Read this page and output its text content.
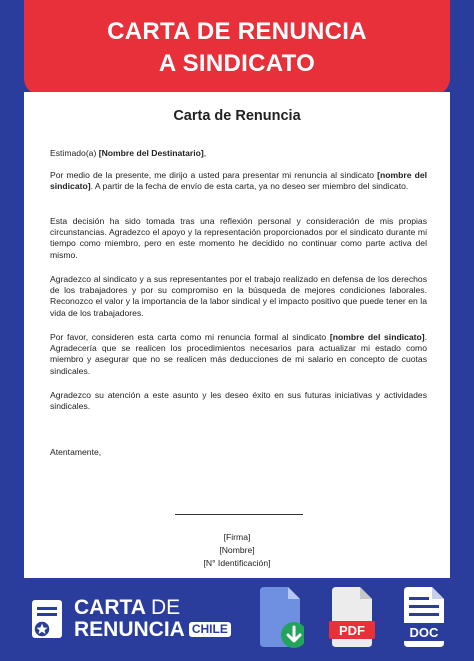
CARTA DE RENUNCIA
A SINDICATO
Carta de Renuncia

Estimado(a) [Nombre del Destinatario],

Por medio de la presente, me dirijo a usted para presentar mi renuncia al sindicato [nombre del sindicato]. A partir de la fecha de envío de esta carta, ya no deseo ser miembro del sindicato.

Esta decisión ha sido tomada tras una reflexión personal y consideración de mis propias circunstancias. Agradezco el apoyo y la representación proporcionados por el sindicato durante mi tiempo como miembro, pero en este momento he decidido no continuar como parte activa del mismo.

Agradezco al sindicato y a sus representantes por el trabajo realizado en defensa de los derechos de los trabajadores y por su compromiso en la búsqueda de mejores condiciones laborales. Reconozco el valor y la importancia de la labor sindical y el impacto positivo que puede tener en la vida de los trabajadores.

Por favor, consideren esta carta como mi renuncia formal al sindicato [nombre del sindicato]. Agradecería que se realicen los procedimientos necesarios para actualizar mi estado como miembro y asegurar que no se realicen más deducciones de mi salario en concepto de cuotas sindicales.

Agradezco su atención a este asunto y les deseo éxito en sus futuras iniciativas y actividades sindicales.

Atentamente,

[Firma]
[Nombre]
[N° Identificación]
CARTA DE
RENUNCIA CHILE	PDF	DOC
